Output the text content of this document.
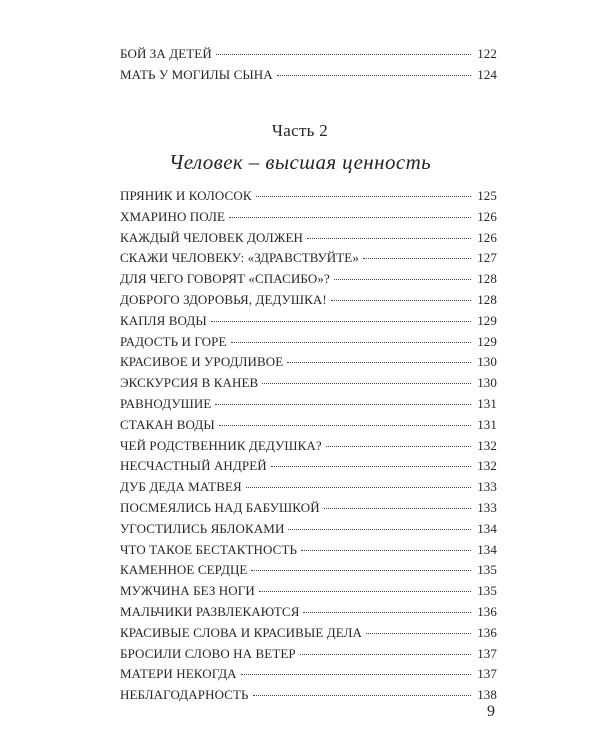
БОЙ ЗА ДЕТЕЙ	122
МАТЬ У МОГИЛЫ СЫНА	124
Часть 2
Человек – высшая ценность
ПРЯНИК И КОЛОСОК	125
ХМАРИНО ПОЛЕ	126
КАЖДЫЙ ЧЕЛОВЕК ДОЛЖЕН	126
СКАЖИ ЧЕЛОВЕКУ: «ЗДРАВСТВУЙТЕ»	127
ДЛЯ ЧЕГО ГОВОРЯТ «СПАСИБО»?	128
ДОБРОГО ЗДОРОВЬЯ, ДЕДУШКА!	128
КАПЛЯ ВОДЫ	129
РАДОСТЬ И ГОРЕ	129
КРАСИВОЕ И УРОДЛИВОЕ	130
ЭКСКУРСИЯ В КАНЕВ	130
РАВНОДУШИЕ	131
СТАКАН ВОДЫ	131
ЧЕЙ РОДСТВЕННИК ДЕДУШКА?	132
НЕСЧАСТНЫЙ АНДРЕЙ	132
ДУБ ДЕДА МАТВЕЯ	133
ПОСМЕЯЛИСЬ НАД БАБУШКОЙ	133
УГОСТИЛИСЬ ЯБЛОКАМИ	134
ЧТО ТАКОЕ БЕСТАКТНОСТЬ	134
КАМЕННОЕ СЕРДЦЕ	135
МУЖЧИНА БЕЗ НОГИ	135
МАЛЬЧИКИ РАЗВЛЕКАЮТСЯ	136
КРАСИВЫЕ СЛОВА И КРАСИВЫЕ ДЕЛА	136
БРОСИЛИ СЛОВО НА ВЕТЕР	137
МАТЕРИ НЕКОГДА	137
НЕБЛАГОДАРНОСТЬ	138
9
